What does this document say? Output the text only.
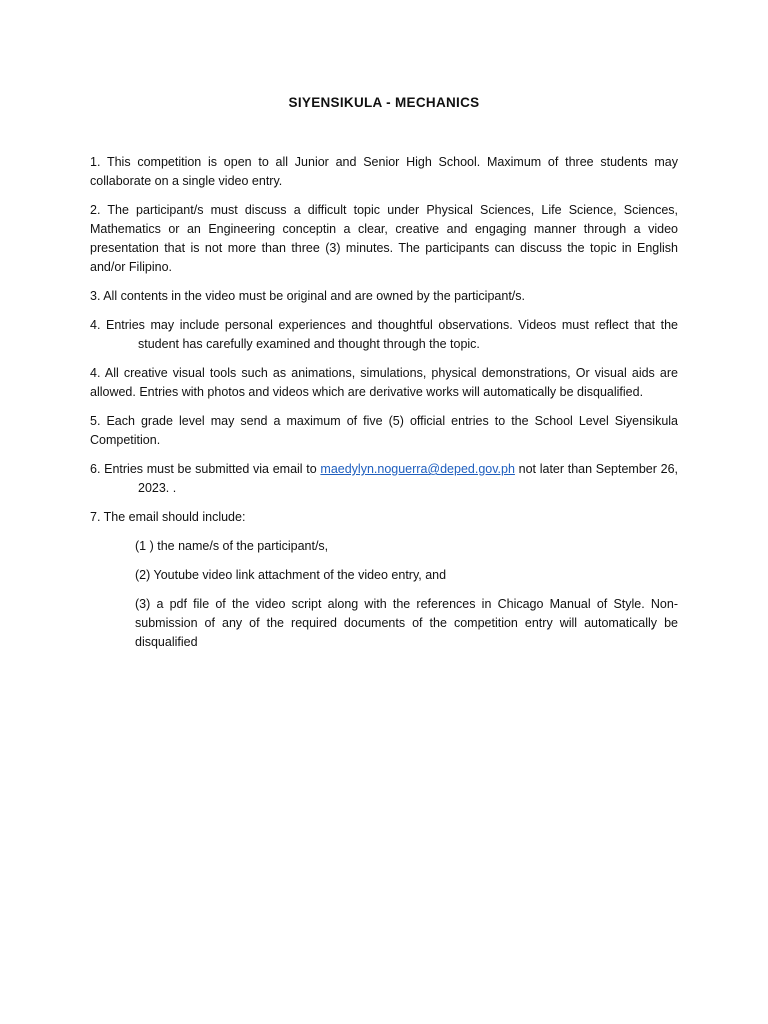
SIYENSIKULA - MECHANICS

1. This competition is open to all Junior and Senior High School. Maximum of three students may collaborate on a single video entry.

2. The participant/s must discuss a difficult topic under Physical Sciences, Life Science, Sciences, Mathematics or an Engineering conceptin a clear, creative and engaging manner through a video presentation that is not more than three (3) minutes. The participants can discuss the topic in English and/or Filipino.

3. All contents in the video must be original and are owned by the participant/s.

4. Entries may include personal experiences and thoughtful observations. Videos must reflect that the student has carefully examined and thought through the topic.

4. All creative visual tools such as animations, simulations, physical demonstrations, Or visual aids are allowed. Entries with photos and videos which are derivative works will automatically be disqualified.

5. Each grade level may send a maximum of five (5) official entries to the School Level Siyensikula Competition.

6. Entries must be submitted via email to maedylyn.noguerra@deped.gov.ph not later than September 26, 2023. .

7. The email should include:

(1 ) the name/s of the participant/s,

(2) Youtube video link attachment of the video entry, and

(3) a pdf file of the video script along with the references in Chicago Manual of Style. Non-submission of any of the required documents of the competition entry will automatically be disqualified
